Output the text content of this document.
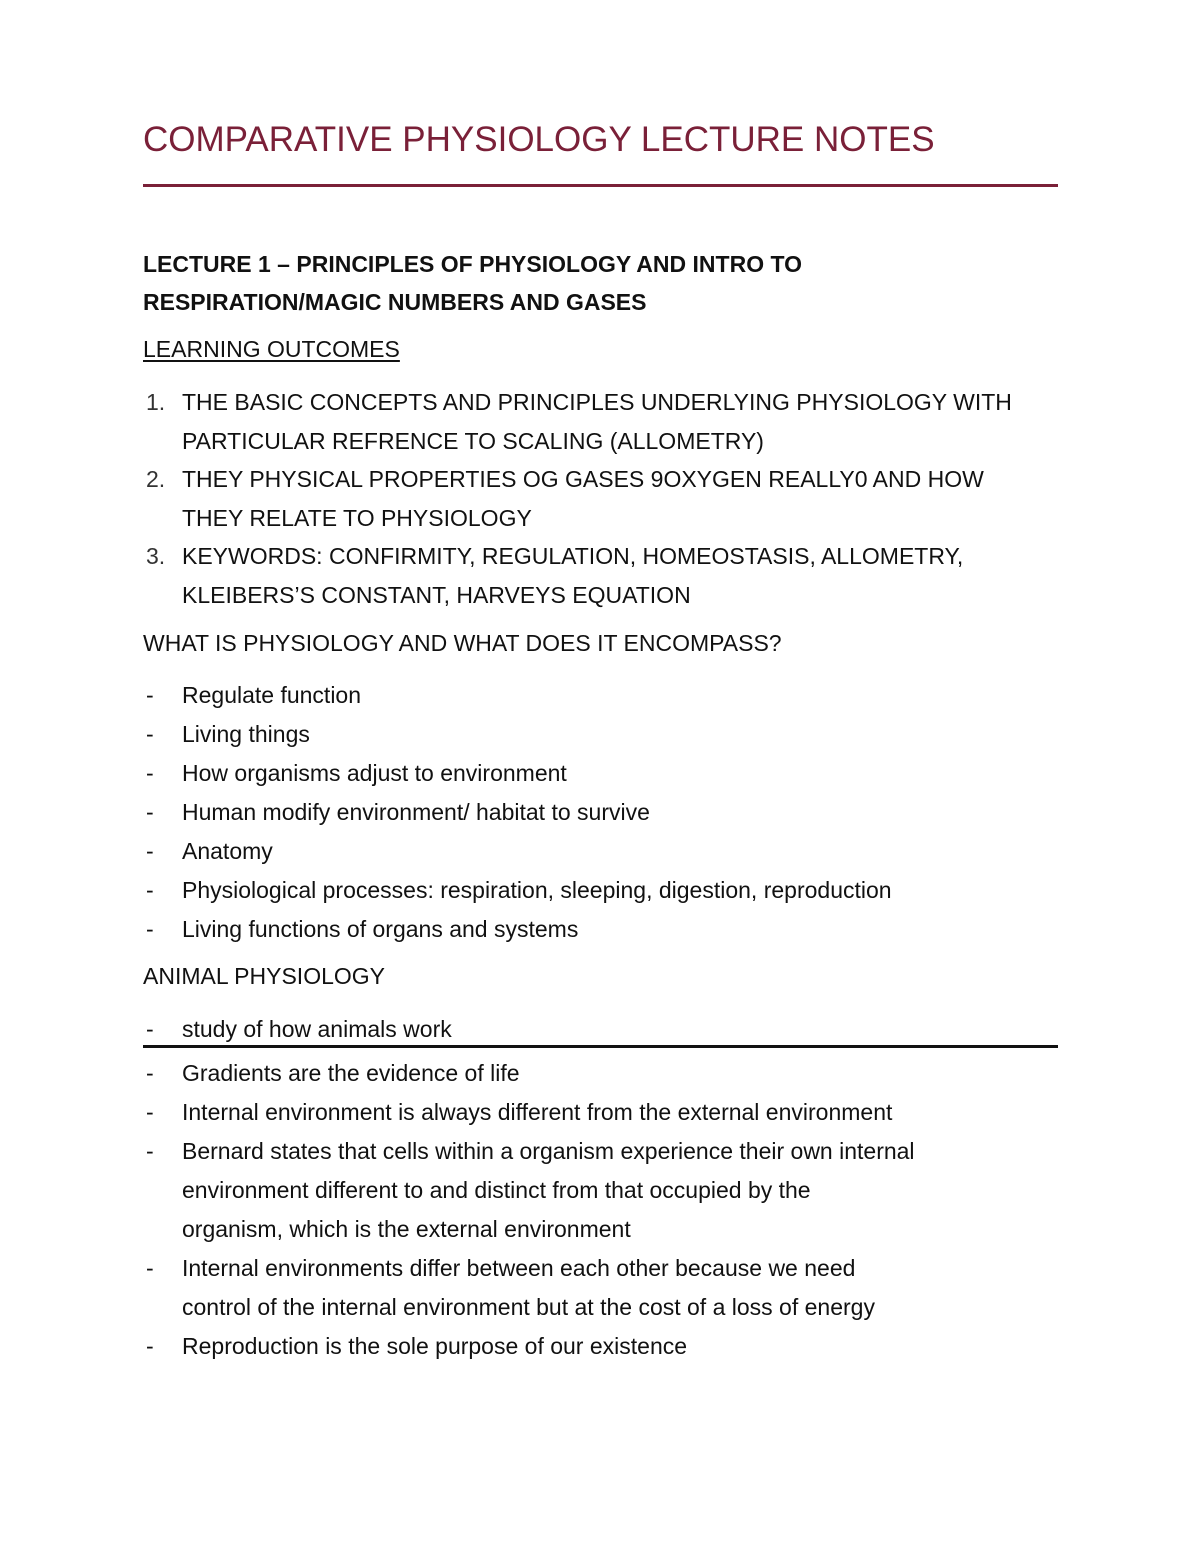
COMPARATIVE PHYSIOLOGY LECTURE NOTES
LECTURE 1 – PRINCIPLES OF PHYSIOLOGY AND INTRO TO
RESPIRATION/MAGIC NUMBERS AND GASES
LEARNING OUTCOMES
1. THE BASIC CONCEPTS AND PRINCIPLES UNDERLYING PHYSIOLOGY WITH
PARTICULAR REFRENCE TO SCALING (ALLOMETRY)
2. THEY PHYSICAL PROPERTIES OG GASES 9OXYGEN REALLY0 AND HOW
THEY RELATE TO PHYSIOLOGY
3. KEYWORDS: CONFIRMITY, REGULATION, HOMEOSTASIS, ALLOMETRY,
KLEIBERS’S CONSTANT, HARVEYS EQUATION
WHAT IS PHYSIOLOGY AND WHAT DOES IT ENCOMPASS?
- Regulate function
- Living things
- How organisms adjust to environment
- Human modify environment/ habitat to survive
- Anatomy
- Physiological processes: respiration, sleeping, digestion, reproduction
- Living functions of organs and systems
ANIMAL PHYSIOLOGY
- study of how animals work
- Gradients are the evidence of life
- Internal environment is always different from the external environment
- Bernard states that cells within a organism experience their own internal
environment different to and distinct from that occupied by the
organism, which is the external environment
- Internal environments differ between each other because we need
control of the internal environment but at the cost of a loss of energy
- Reproduction is the sole purpose of our existence
